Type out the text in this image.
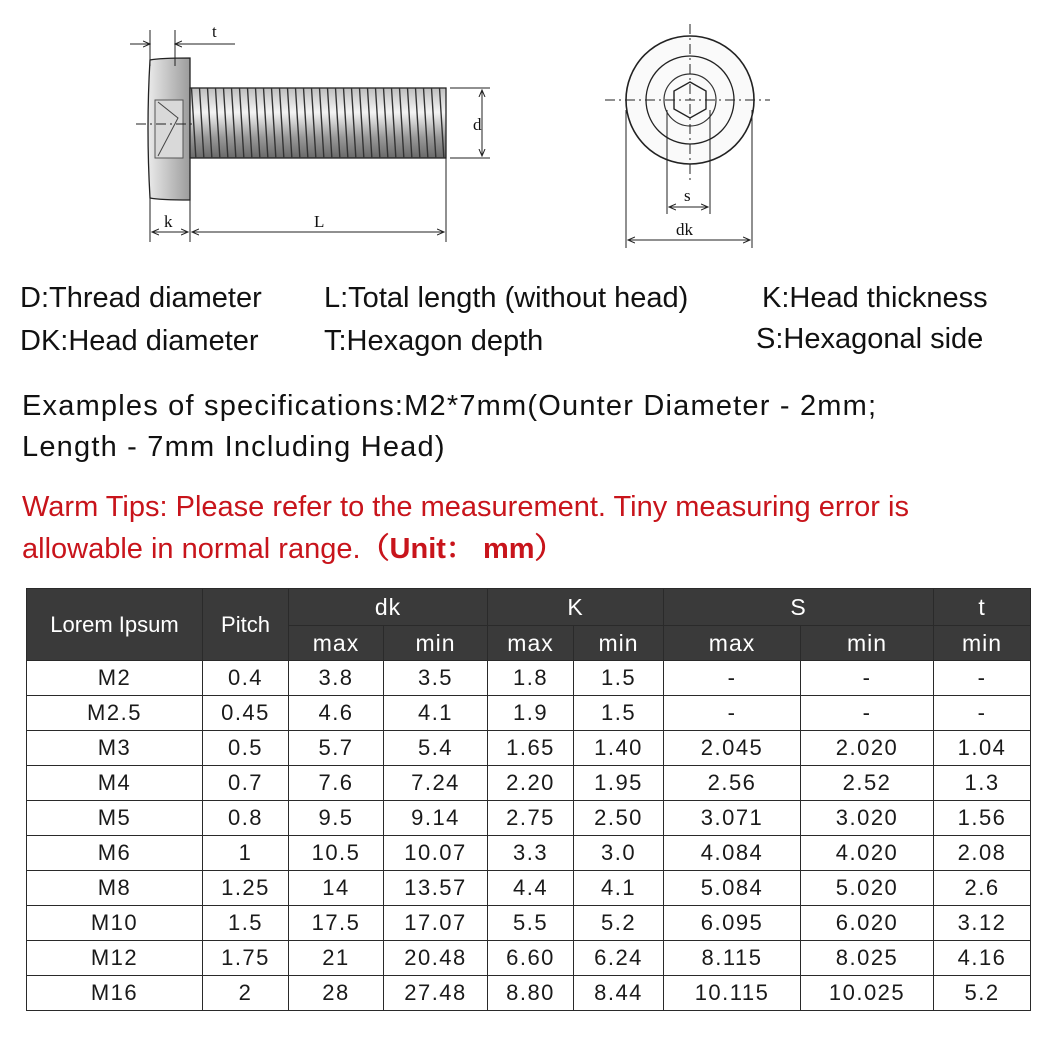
t
k	L
d
s
dk
D:Thread diameter L:Total length (without head)	K:Head thickness
DK:Head diameter T:Hexagon depth	S:Hexagonal side
Examples of specifications:M2*7mm(Ounter Diameter - 2mm;
Length - 7mm Including Head)
Warm Tips: Please refer to the measurement. Tiny measuring error is
allowable in normal range.（Unit： mm）
Lorem Ipsum	Pitch	dk		K		S		t
		max	min	max	min	max	min	min
M2	0.4	3.8	3.5	1.8	1.5	-	-	-
M2.5	0.45	4.6	4.1	1.9	1.5	-	-	-
M3	0.5	5.7	5.4	1.65	1.40	2.045	2.020	1.04
M4	0.7	7.6	7.24	2.20	1.95	2.56	2.52	1.3
M5	0.8	9.5	9.14	2.75	2.50	3.071	3.020	1.56
M6	1	10.5	10.07	3.3	3.0	4.084	4.020	2.08
M8	1.25	14	13.57	4.4	4.1	5.084	5.020	2.6
M10	1.5	17.5	17.07	5.5	5.2	6.095	6.020	3.12
M12	1.75	21	20.48	6.60	6.24	8.115	8.025	4.16
M16	2	28	27.48	8.80	8.44	10.115	10.025	5.2
